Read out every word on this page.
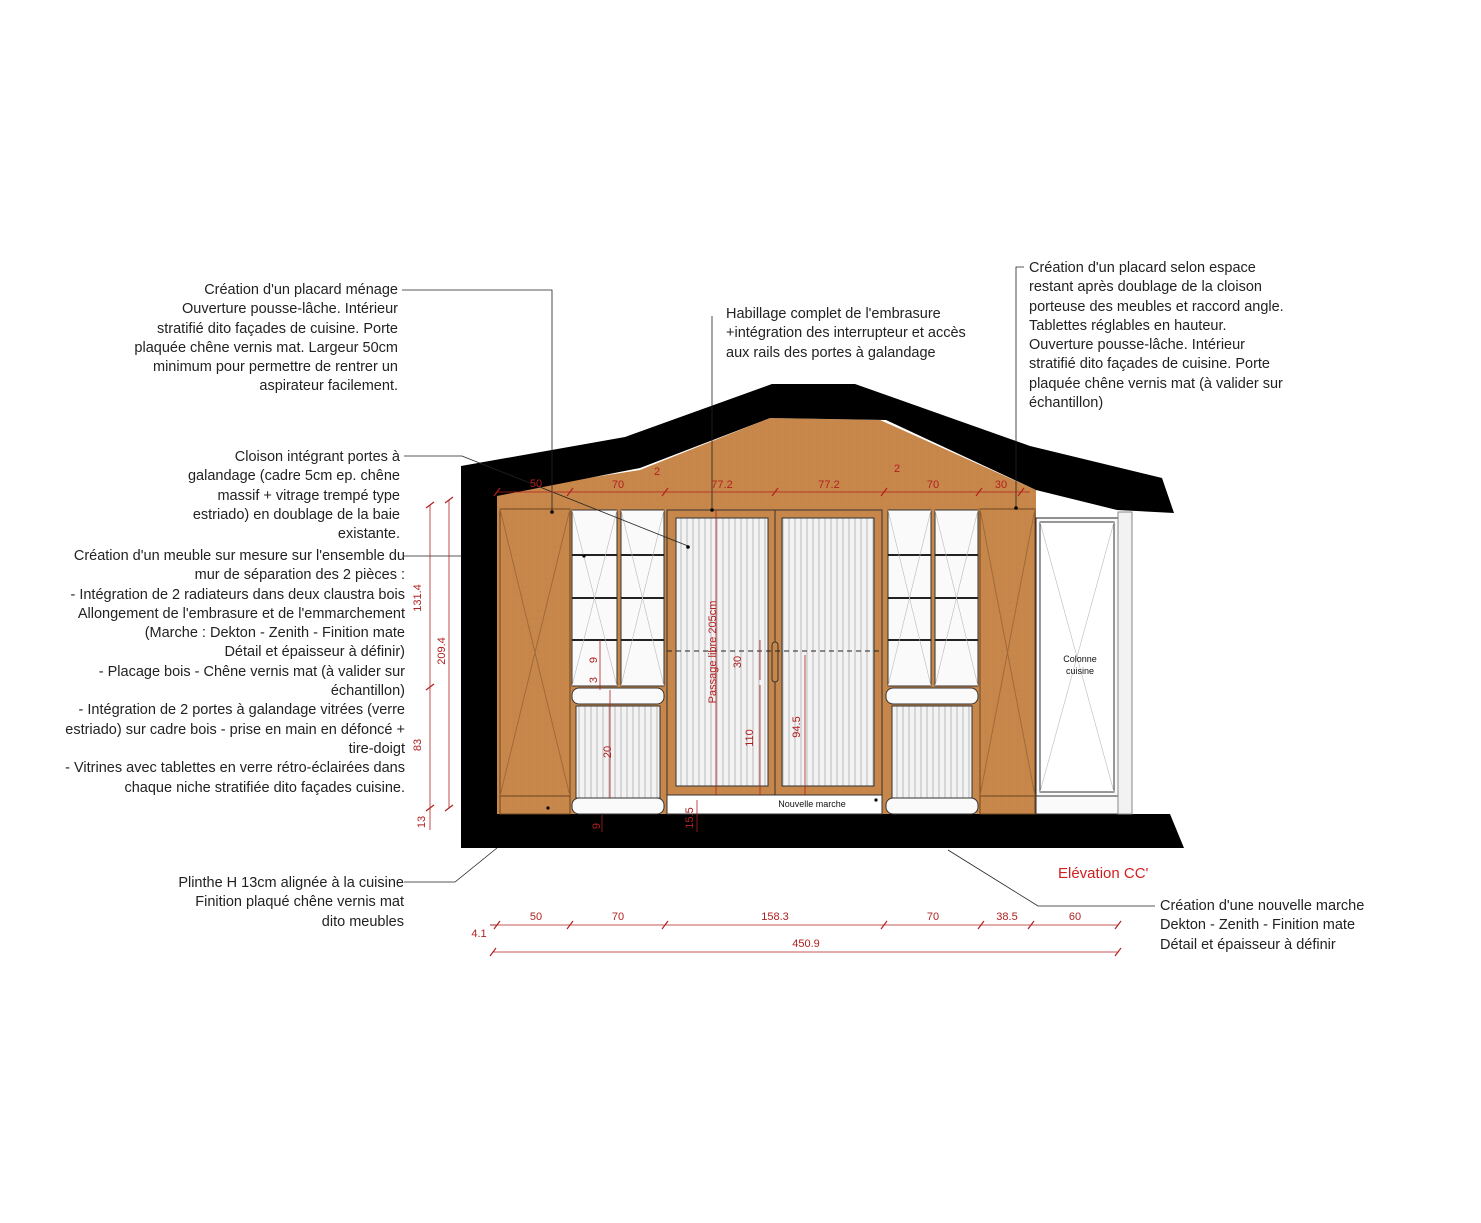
Colonne
cuisine
Nouvelle marche
50	70
2
77.2	77.2
2
70	30
4.1
50	70	158.3	70	38.5	60
450.9
131.4
209.4
83
13
9
3
30
110
94.5
15.5
9
20
Passage libre 205cm
Création d'un placard ménage
Ouverture pousse-lâche. Intérieur
stratifié dito façades de cuisine. Porte
plaquée chêne vernis mat. Largeur 50cm
minimum pour permettre de rentrer un
aspirateur facilement.
Habillage complet de l'embrasure
+intégration des interrupteur et accès
aux rails des portes à galandage
Création d'un placard selon espace
restant après doublage de la cloison
porteuse des meubles et raccord angle.
Tablettes réglables en hauteur.
Ouverture pousse-lâche. Intérieur
stratifié dito façades de cuisine. Porte
plaquée chêne vernis mat (à valider sur
échantillon)
Cloison intégrant portes à
galandage (cadre 5cm ep. chêne
massif + vitrage trempé type
estriado) en doublage de la baie
existante.
Création d'un meuble sur mesure sur l'ensemble du
mur de séparation des 2 pièces :
- Intégration de 2 radiateurs dans deux claustra bois
Allongement de l'embrasure et de l'emmarchement
(Marche : Dekton - Zenith - Finition mate
Détail et épaisseur à définir)
- Placage bois - Chêne vernis mat (à valider sur
échantillon)
- Intégration de 2 portes à galandage vitrées (verre
estriado) sur cadre bois - prise en main en défoncé +
tire-doigt
- Vitrines avec tablettes en verre rétro-éclairées dans
chaque niche stratifiée dito façades cuisine.
Plinthe H 13cm alignée à la cuisine
Finition plaqué chêne vernis mat
dito meubles
Création d'une nouvelle marche
Dekton - Zenith - Finition mate
Détail et épaisseur à définir
Elévation CC'
